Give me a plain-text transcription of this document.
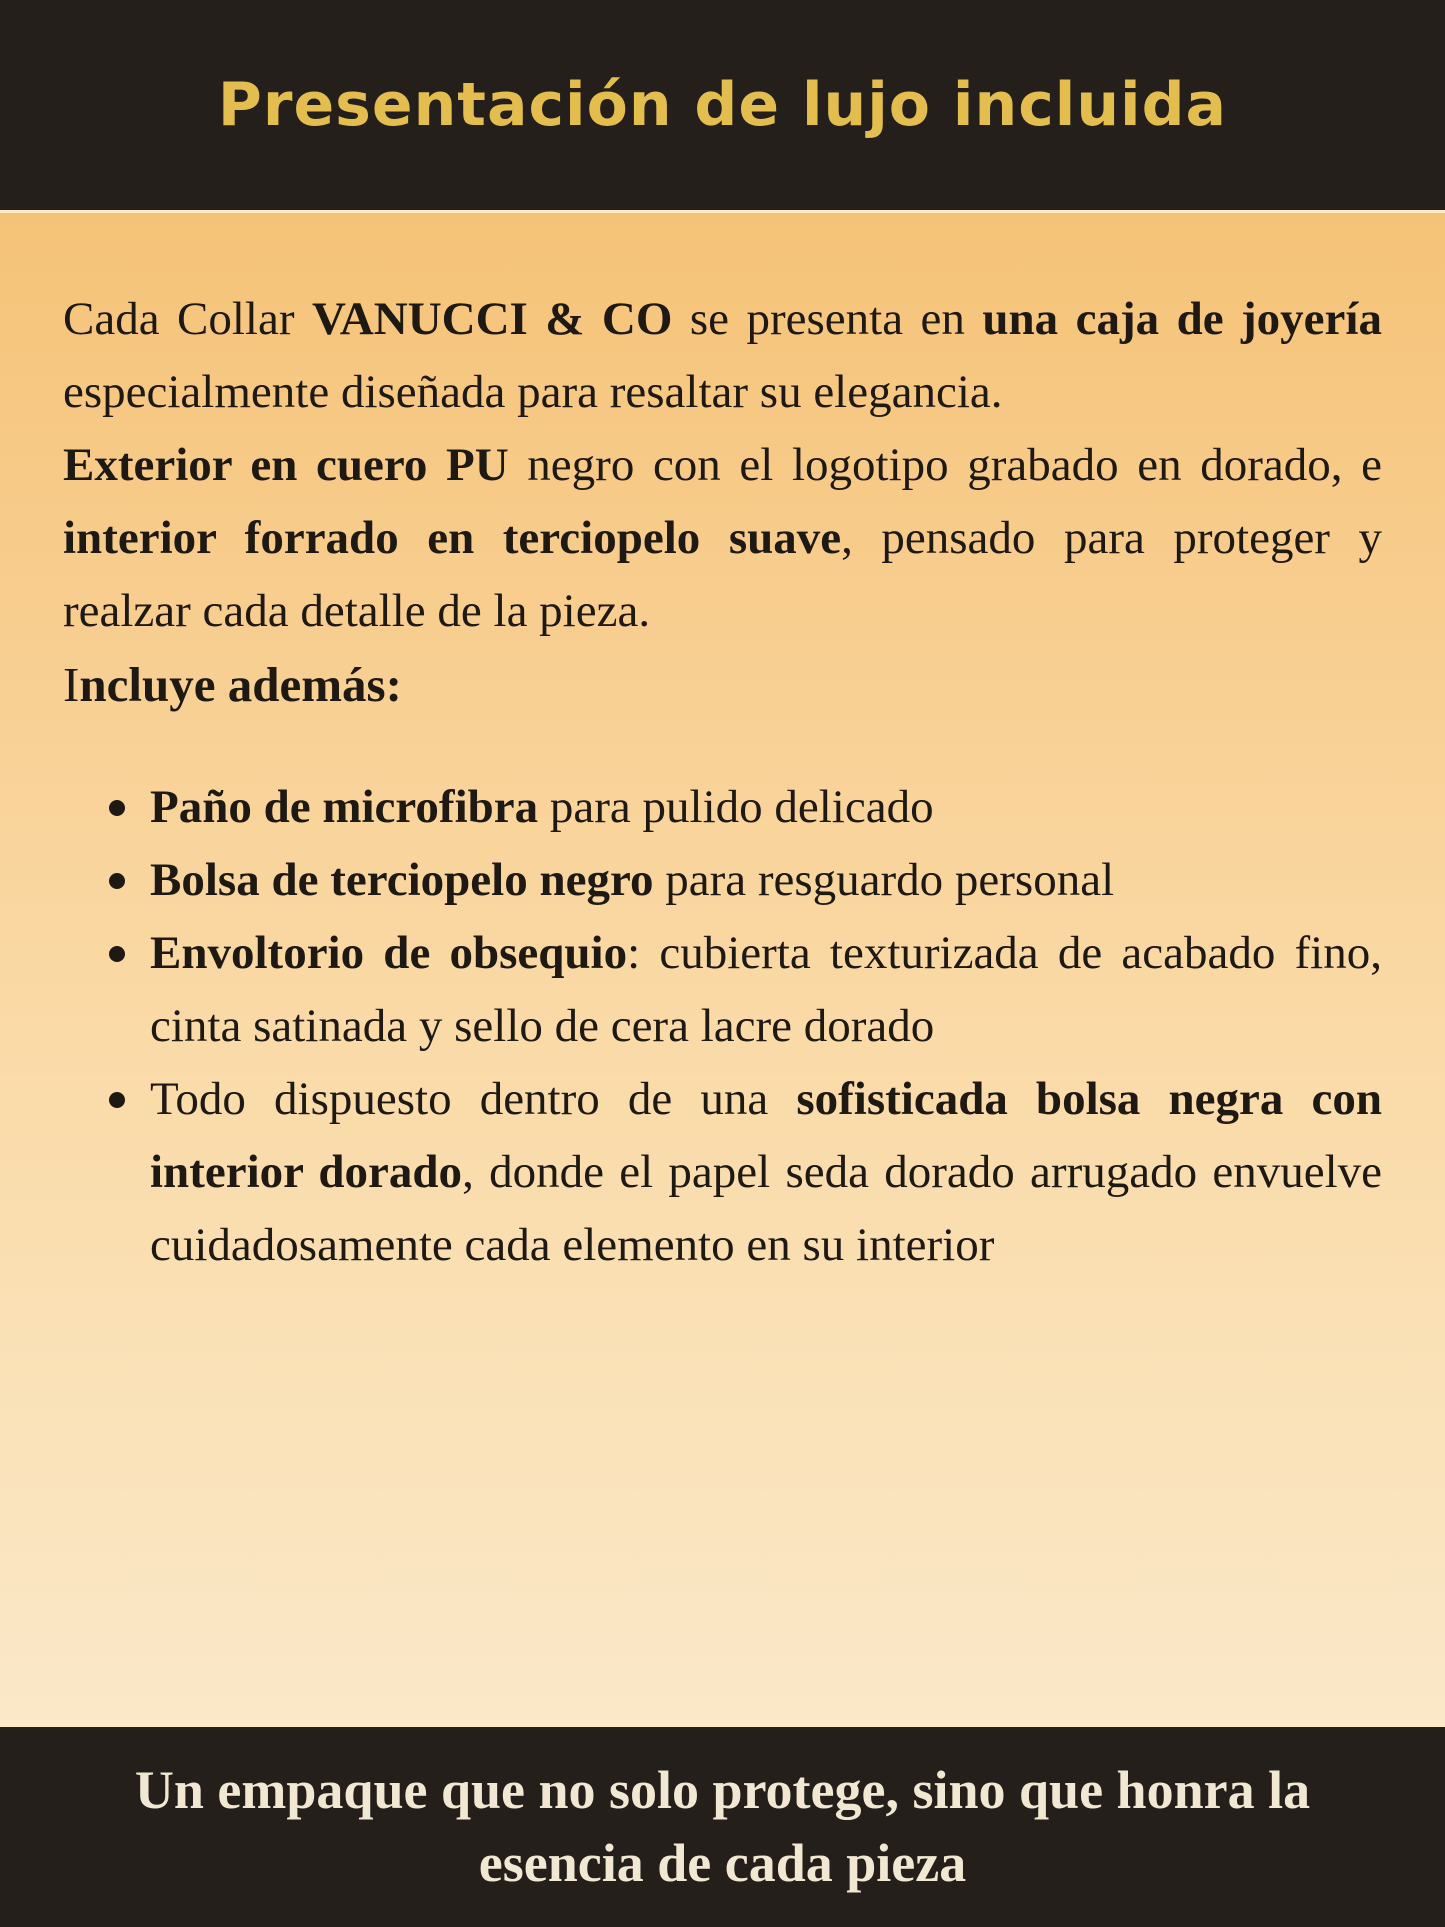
Presentación de lujo incluida

Cada Collar VANUCCI & CO se presenta en una caja de joyería especialmente diseñada para resaltar su elegancia.

Exterior en cuero PU negro con el logotipo grabado en dorado, e interior forrado en terciopelo suave, pensado para proteger y realzar cada detalle de la pieza.

Incluye además:

Paño de microfibra para pulido delicado

Bolsa de terciopelo negro para resguardo personal

Envoltorio de obsequio: cubierta texturizada de acabado fino, cinta satinada y sello de cera lacre dorado

Todo dispuesto dentro de una sofisticada bolsa negra con interior dorado, donde el papel seda dorado arrugado envuelve cuidadosamente cada elemento en su interior

Un empaque que no solo protege, sino que honra la esencia de cada pieza
